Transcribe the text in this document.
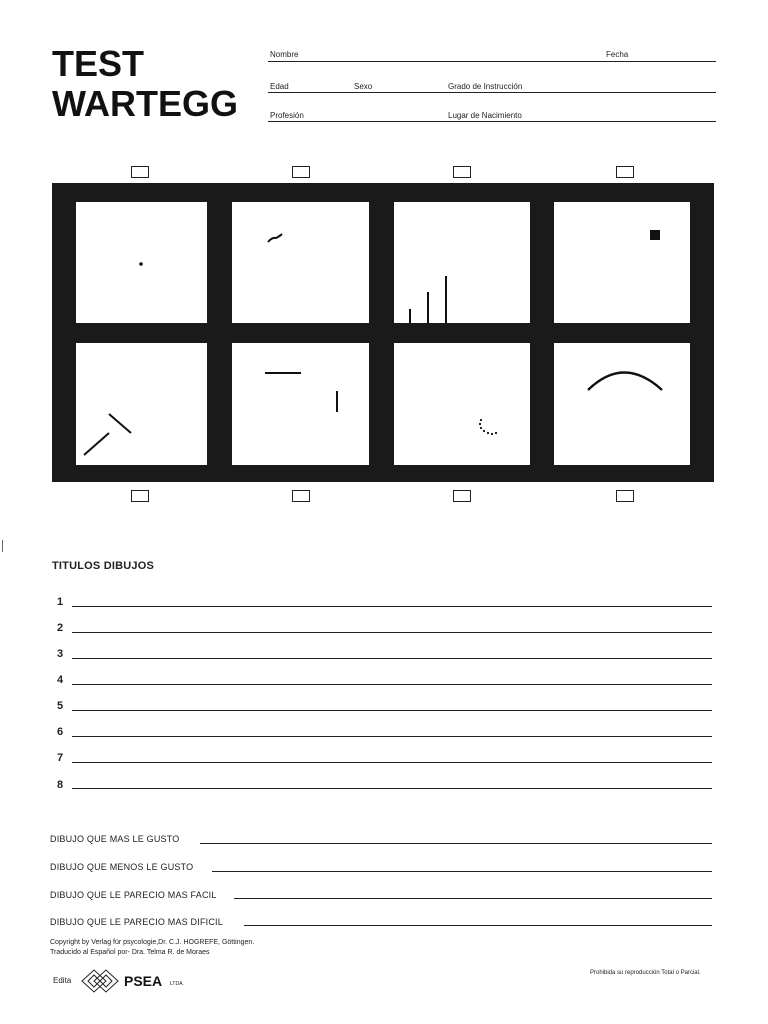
TEST
WARTEGG
Nombre	Fecha
Edad	Sexo	Grado de Instrucción
Profesión	Lugar de Nacimiento
TITULOS DIBUJOS
1
2
3
4
5
6
7
8
DIBUJO QUE MAS LE GUSTO
DIBUJO QUE MENOS LE GUSTO
DIBUJO QUE LE PARECIO MAS FACIL
DIBUJO QUE LE PARECIO MAS DIFICIL
Copyright by Verlag für psycologie,Dr. C.J. HOGREFE, Göttingen.
Traducido al Español por- Dra. Telma R. de Moraes
Edita	PSEA LTDA.
Prohibida su reproducción Total o Parcial.
